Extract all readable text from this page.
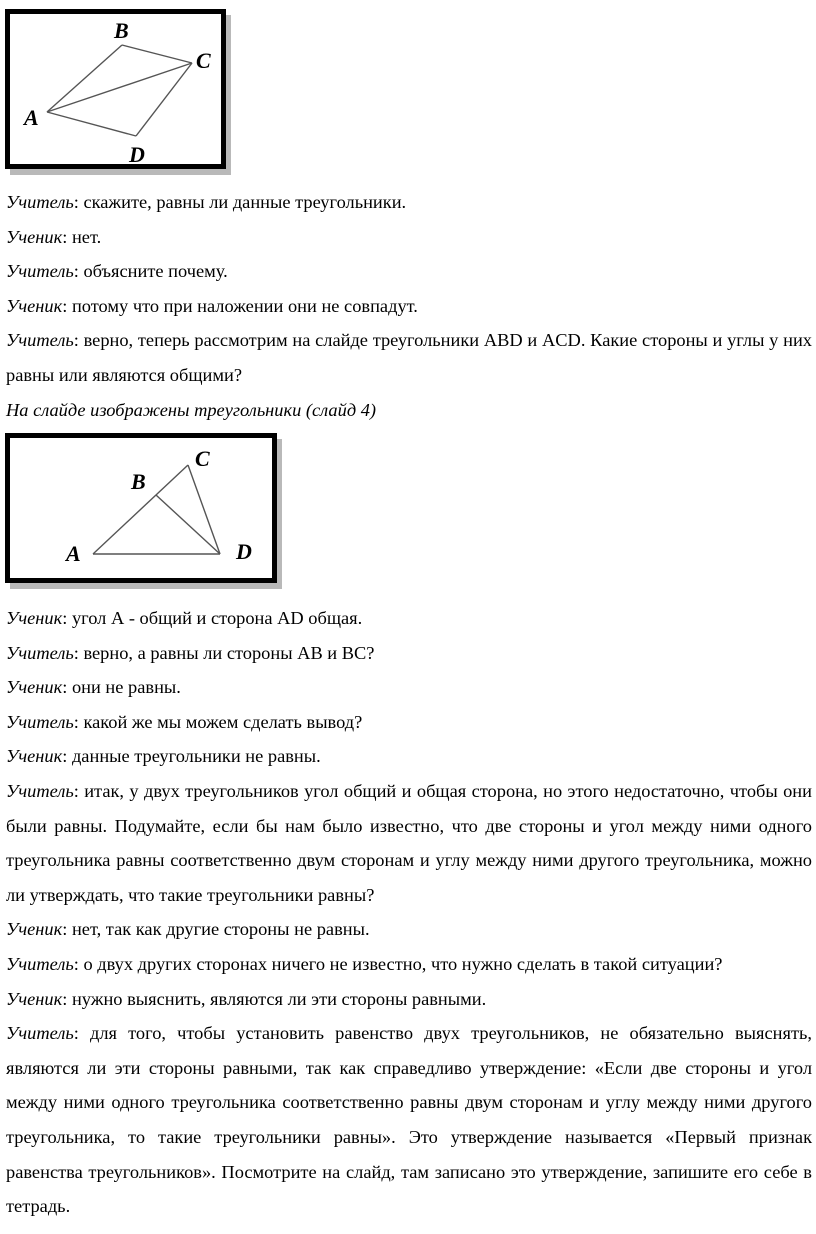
B
C
A
D

Учитель: скажите, равны ли данные треугольники.

Ученик: нет.

Учитель: объясните почему.

Ученик: потому что при наложении они не совпадут.

Учитель: верно, теперь рассмотрим на слайде треугольники ABD и ACD. Какие стороны и углы у них равны или являются общими?

На слайде изображены треугольники (слайд 4)

C
B
A	D

Ученик: угол А - общий и сторона AD общая.

Учитель: верно, а равны ли стороны AB и BC?

Ученик: они не равны.

Учитель: какой же мы можем сделать вывод?

Ученик: данные треугольники не равны.

Учитель: итак, у двух треугольников угол общий и общая сторона, но этого недостаточно, чтобы они были равны. Подумайте, если бы нам было известно, что две стороны и угол между ними одного треугольника равны соответственно двум сторонам и углу между ними другого треугольника, можно ли утверждать, что такие треугольники равны?

Ученик: нет, так как другие стороны не равны.

Учитель: о двух других сторонах ничего не известно, что нужно сделать в такой ситуации?

Ученик: нужно выяснить, являются ли эти стороны равными.

Учитель: для того, чтобы установить равенство двух треугольников, не обязательно выяснять, являются ли эти стороны равными, так как справедливо утверждение: «Если две стороны и угол между ними одного треугольника соответственно равны двум сторонам и углу между ними другого треугольника, то такие треугольники равны». Это утверждение называется «Первый признак равенства треугольников». Посмотрите на слайд, там записано это утверждение, запишите его себе в тетрадь.
